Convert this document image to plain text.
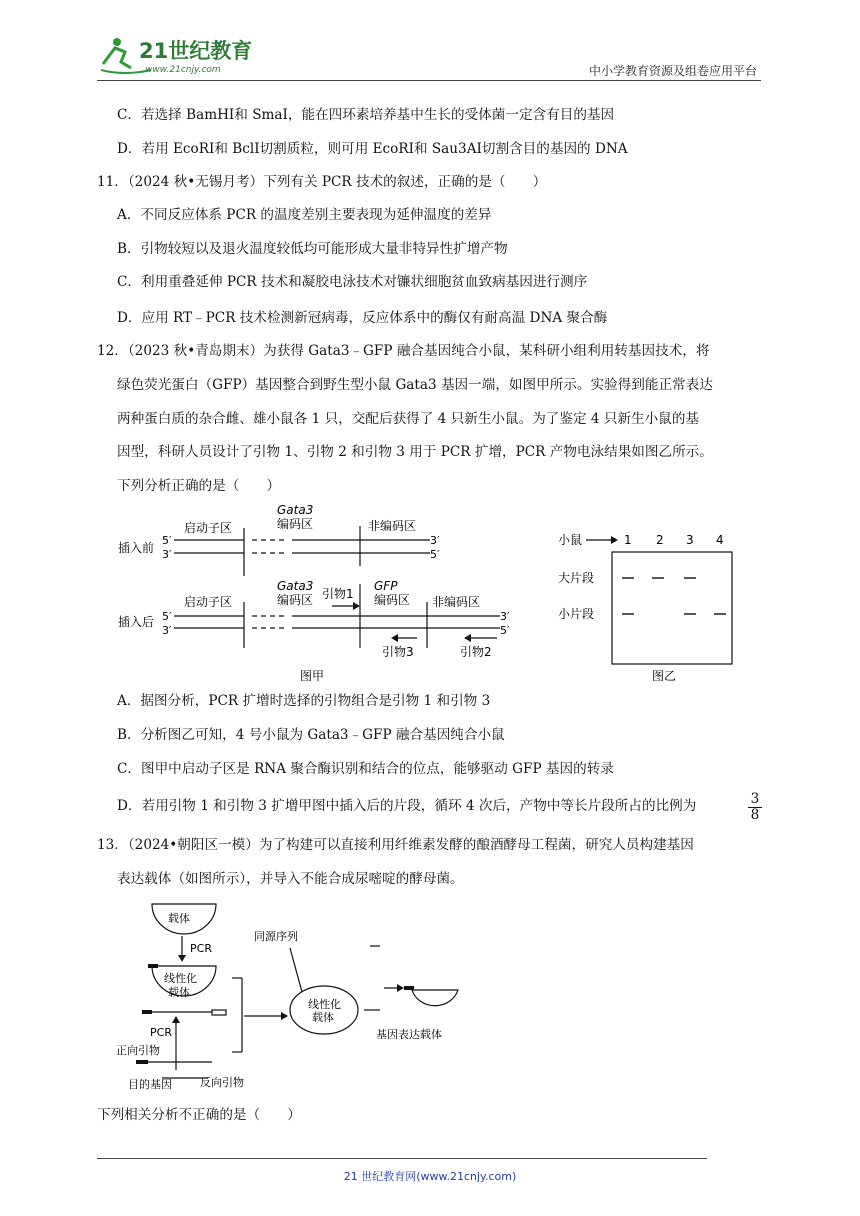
21世纪教育
www.21cnjy.com	中小学教育资源及组卷应用平台
C．若选择 BamHⅠ和 SmaⅠ，能在四环素培养基中生长的受体菌一定含有目的基因
D．若用 EcoRⅠ和 BclⅠ切割质粒，则可用 EcoRⅠ和 Sau3AⅠ切割含目的基因的 DNA
11．（2024 秋•无锡月考）下列有关 PCR 技术的叙述，正确的是（　　）
A．不同反应体系 PCR 的温度差别主要表现为延伸温度的差异
B．引物较短以及退火温度较低均可能形成大量非特异性扩增产物
C．利用重叠延伸 PCR 技术和凝胶电泳技术对镰状细胞贫血致病基因进行测序
D．应用 RT﹣PCR 技术检测新冠病毒，反应体系中的酶仅有耐高温 DNA 聚合酶
12．（2023 秋•青岛期末）为获得 Gata3﹣GFP 融合基因纯合小鼠，某科研小组利用转基因技术，将
绿色荧光蛋白（GFP）基因整合到野生型小鼠 Gata3 基因一端，如图甲所示。实验得到能正常表达
两种蛋白质的杂合雌、雄小鼠各 1 只，交配后获得了 4 只新生小鼠。为了鉴定 4 只新生小鼠的基
因型，科研人员设计了引物 1、引物 2 和引物 3 用于 PCR 扩增，PCR 产物电泳结果如图乙所示。
下列分析正确的是（　　）
插入前
5′
3′
启动子区
Gata3
编码区	非编码区
3′
5′
插入后 5′
3′
启动子区
Gata3
编码区 引物1
GFP
编码区 非编码区
3′
5′
引物3	引物2
图甲
小鼠	1 2 3 4
大片段
小片段
图乙
A．据图分析，PCR 扩增时选择的引物组合是引物 1 和引物 3
B．分析图乙可知，4 号小鼠为 Gata3﹣GFP 融合基因纯合小鼠
C．图甲中启动子区是 RNA 聚合酶识别和结合的位点，能够驱动 GFP 基因的转录
D．若用引物 1 和引物 3 扩增甲图中插入后的片段，循环 4 次后，产物中等长片段所占的比例为	$\frac{3}{8}$
13．（2024•朝阳区一模）为了构建可以直接利用纤维素发酵的酿酒酵母工程菌，研究人员构建基因
表达载体（如图所示），并导入不能合成尿嘧啶的酵母菌。
载体
PCR
线性化
载体
PCR
正向引物
目的基因	反向引物
同源序列
线性化
载体
基因表达载体
下列相关分析不正确的是（　　）
21 世纪教育网(www.21cnjy.com)
